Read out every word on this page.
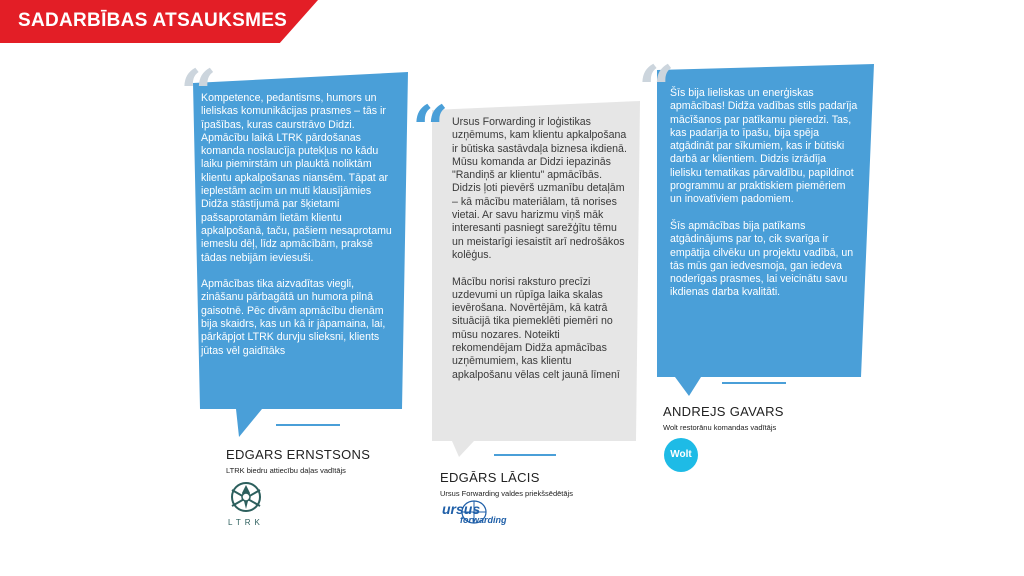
SADARBĪBAS ATSAUKSMES
“

Kompetence, pedantisms, humors un lieliskas komunikācijas prasmes – tās ir īpašības, kuras caurstrāvo Didzi. Apmācību laikā LTRK pārdošanas komanda noslaucīja putekļus no kādu laiku piemirstām un plauktā noliktām klientu apkalpošanas niansēm. Tāpat ar ieplestām acīm un muti klausījāmies Didža stāstījumā par šķietami pašsaprotamām lietām klientu apkalpošanā, taču, pašiem nesaprotamu iemeslu dēļ, līdz apmācībām, praksē tādas nebijām ieviesuši.

Apmācības tika aizvadītas viegli, zināšanu pārbagātā un humora pilnā gaisotnē. Pēc divām apmācību dienām bija skaidrs, kas un kā ir jāpamaina, lai, pārkāpjot LTRK durvju slieksni, klients jūtas vēl gaidītāks

EDGARS ERNSTSONS
LTRK biedru attiecību daļas vadītājs
LTRK
“ Ursus Forwarding ir loģistikas uzņēmums, kam klientu apkalpošana ir būtiska sastāvdaļa biznesa ikdienā. Mūsu komanda ar Didzi iepazinās "Randiņš ar klientu" apmācībās. Didzis ļoti pievērš uzmanību detaļām – kā mācību materiālam, tā norises vietai. Ar savu harizmu viņš māk interesanti pasniegt sarežģītu tēmu un meistarīgi iesaistīt arī nedrošākos kolēģus.

Mācību norisi raksturo precīzi uzdevumi un rūpīga laika skalas ievērošana. Novērtējām, kā katrā situācijā tika piemeklēti piemēri no mūsu nozares. Noteikti rekomendējam Didža apmācības uzņēmumiem, kas klientu apkalpošanu vēlas celt jaunā līmenī

EDGĀRS LĀCIS
Ursus Forwarding valdes priekšsēdētājs
ursus
forwarding
“

Šīs bija lieliskas un enerģiskas apmācības! Didža vadības stils padarīja mācīšanos par patīkamu pieredzi. Tas, kas padarīja to īpašu, bija spēja atgādināt par sīkumiem, kas ir būtiski darbā ar klientiem. Didzis izrādīja lielisku tematikas pārvaldību, papildinot programmu ar praktiskiem piemēriem un inovatīviem padomiem.

Šīs apmācības bija patīkams atgādinājums par to, cik svarīga ir empātija cilvēku un projektu vadībā, un tās mūs gan iedvesmoja, gan iedeva noderīgas prasmes, lai veicinātu savu ikdienas darba kvalitāti.

ANDREJS GAVARS
Wolt restorānu komandas vadītājs
Wolt
